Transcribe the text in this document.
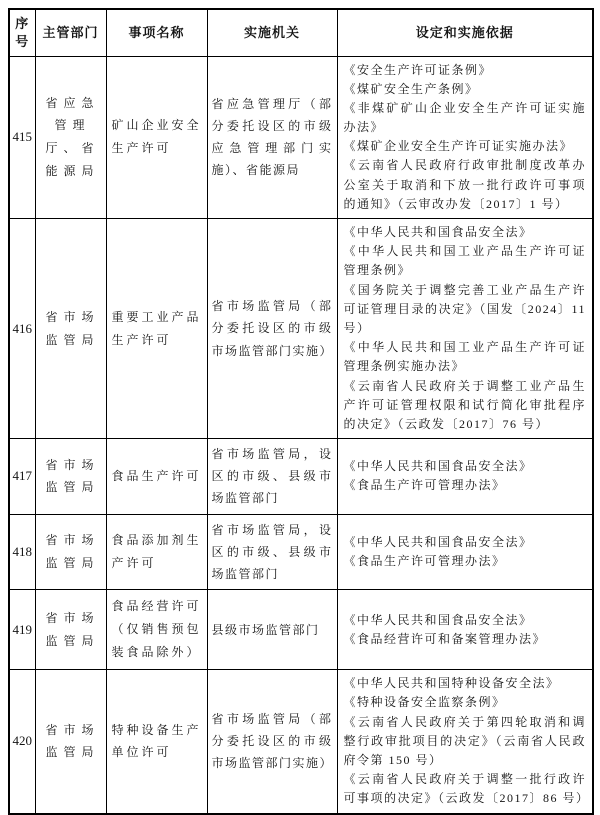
序号	主管部门	事项名称	实施机关	设定和实施依据
415	省应急管理厅、省能源局	矿山企业安全生产许可	省应急管理厅（部分委托设区的市级应急管理部门实施）、省能源局	《安全生产许可证条例》
《煤矿安全生产条例》
《非煤矿矿山企业安全生产许可证实施办法》
《煤矿企业安全生产许可证实施办法》
《云南省人民政府行政审批制度改革办公室关于取消和下放一批行政许可事项的通知》（云审改办发〔2017〕1 号）

416	省市场监管局	重要工业产品生产许可	省市场监管局（部分委托设区的市级市场监管部门实施）	《中华人民共和国食品安全法》
《中华人民共和国工业产品生产许可证管理条例》
《国务院关于调整完善工业产品生产许可证管理目录的决定》（国发〔2024〕11 号）
《中华人民共和国工业产品生产许可证管理条例实施办法》
《云南省人民政府关于调整工业产品生产许可证管理权限和试行简化审批程序的决定》（云政发〔2017〕76 号）

417	省市场监管局	食品生产许可	省市场监管局，设区的市级、县级市场监管部门	《中华人民共和国食品安全法》
《食品生产许可管理办法》

418	省市场监管局	食品添加剂生产许可	省市场监管局，设区的市级、县级市场监管部门	《中华人民共和国食品安全法》
《食品生产许可管理办法》

419	省市场监管局	食品经营许可（仅销售预包装食品除外）	县级市场监管部门	《中华人民共和国食品安全法》
《食品经营许可和备案管理办法》

420	省市场监管局	特种设备生产单位许可	省市场监管局（部分委托设区的市级市场监管部门实施）	《中华人民共和国特种设备安全法》
《特种设备安全监察条例》
《云南省人民政府关于第四轮取消和调整行政审批项目的决定》（云南省人民政府令第 150 号）
《云南省人民政府关于调整一批行政许可事项的决定》（云政发〔2017〕86 号）
